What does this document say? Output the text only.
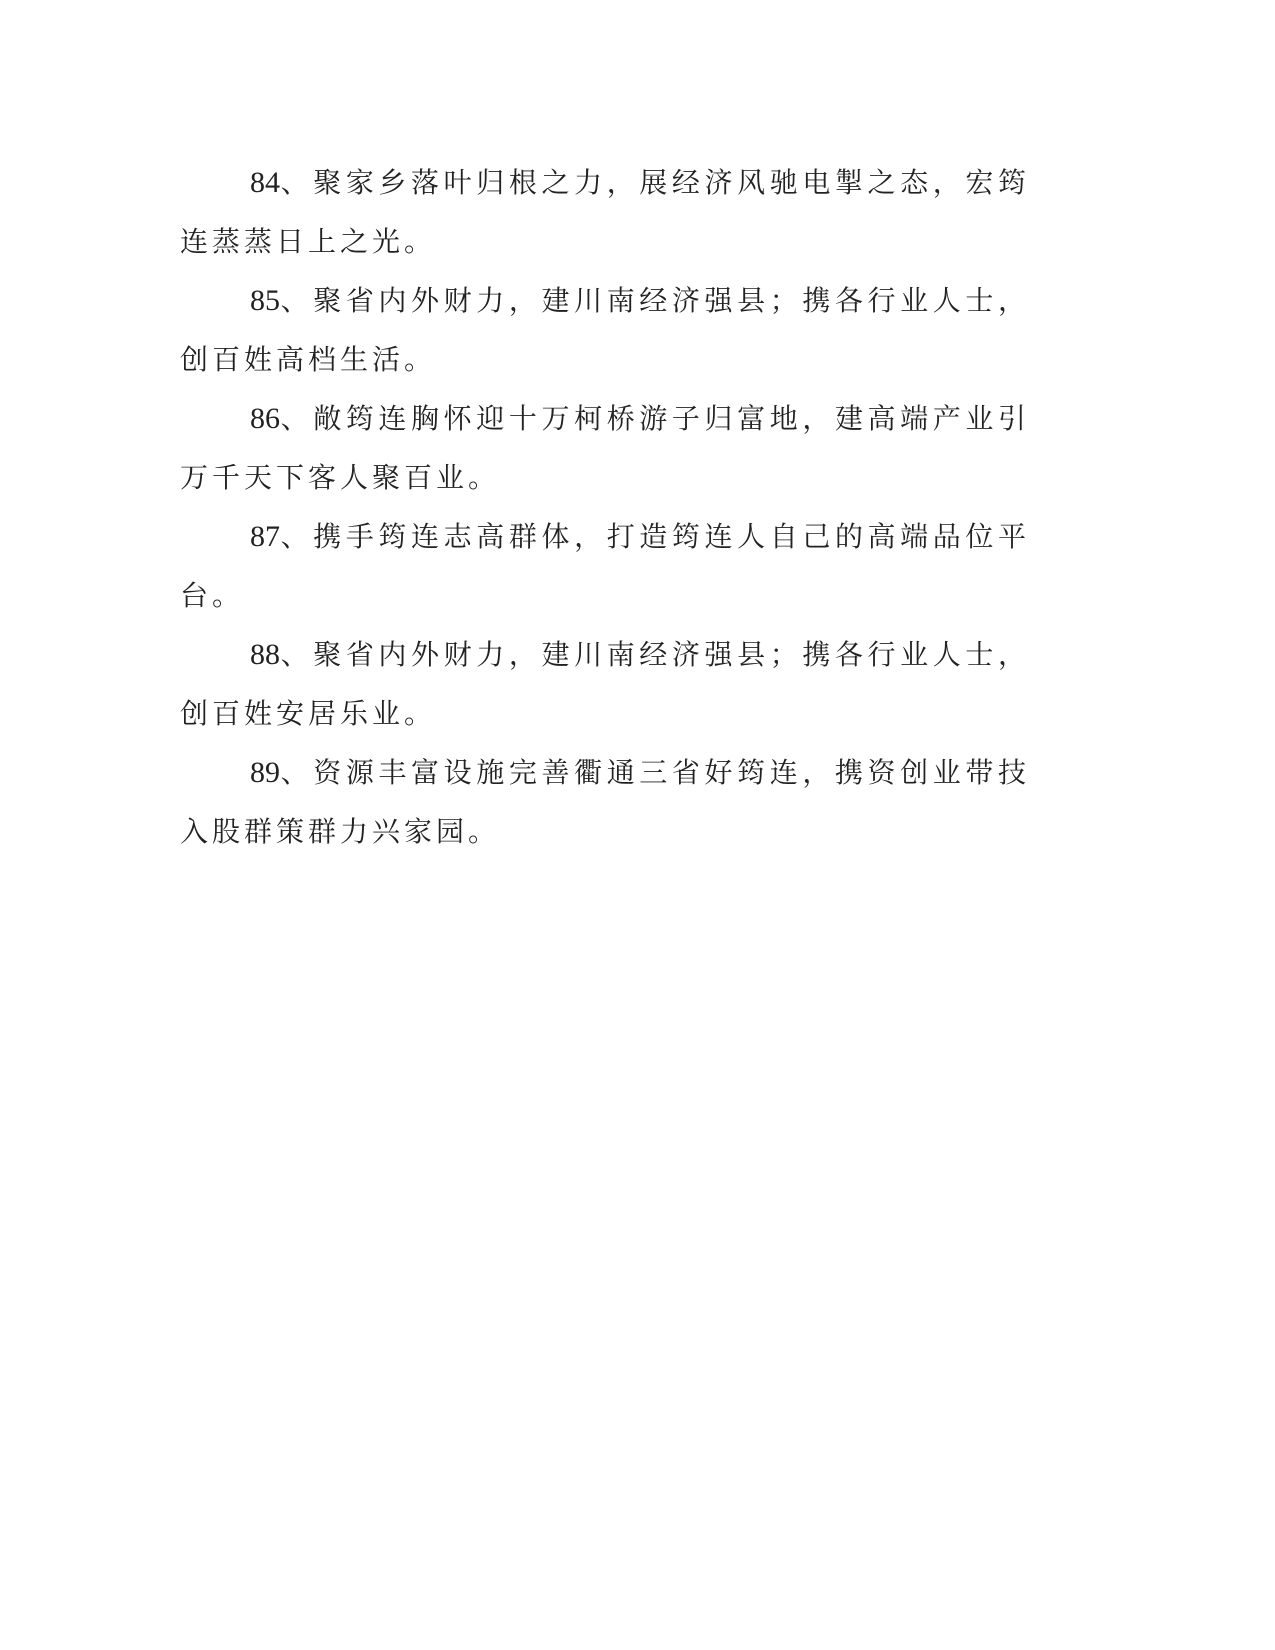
84、聚家乡落叶归根之力，展经济风驰电掣之态，宏筠连蒸蒸日上之光。

85、聚省内外财力，建川南经济强县；携各行业人士，创百姓高档生活。

86、敞筠连胸怀迎十万柯桥游子归富地，建高端产业引万千天下客人聚百业。

87、携手筠连志高群体，打造筠连人自己的高端品位平台。

88、聚省内外财力，建川南经济强县；携各行业人士，创百姓安居乐业。

89、资源丰富设施完善衢通三省好筠连，携资创业带技入股群策群力兴家园。
